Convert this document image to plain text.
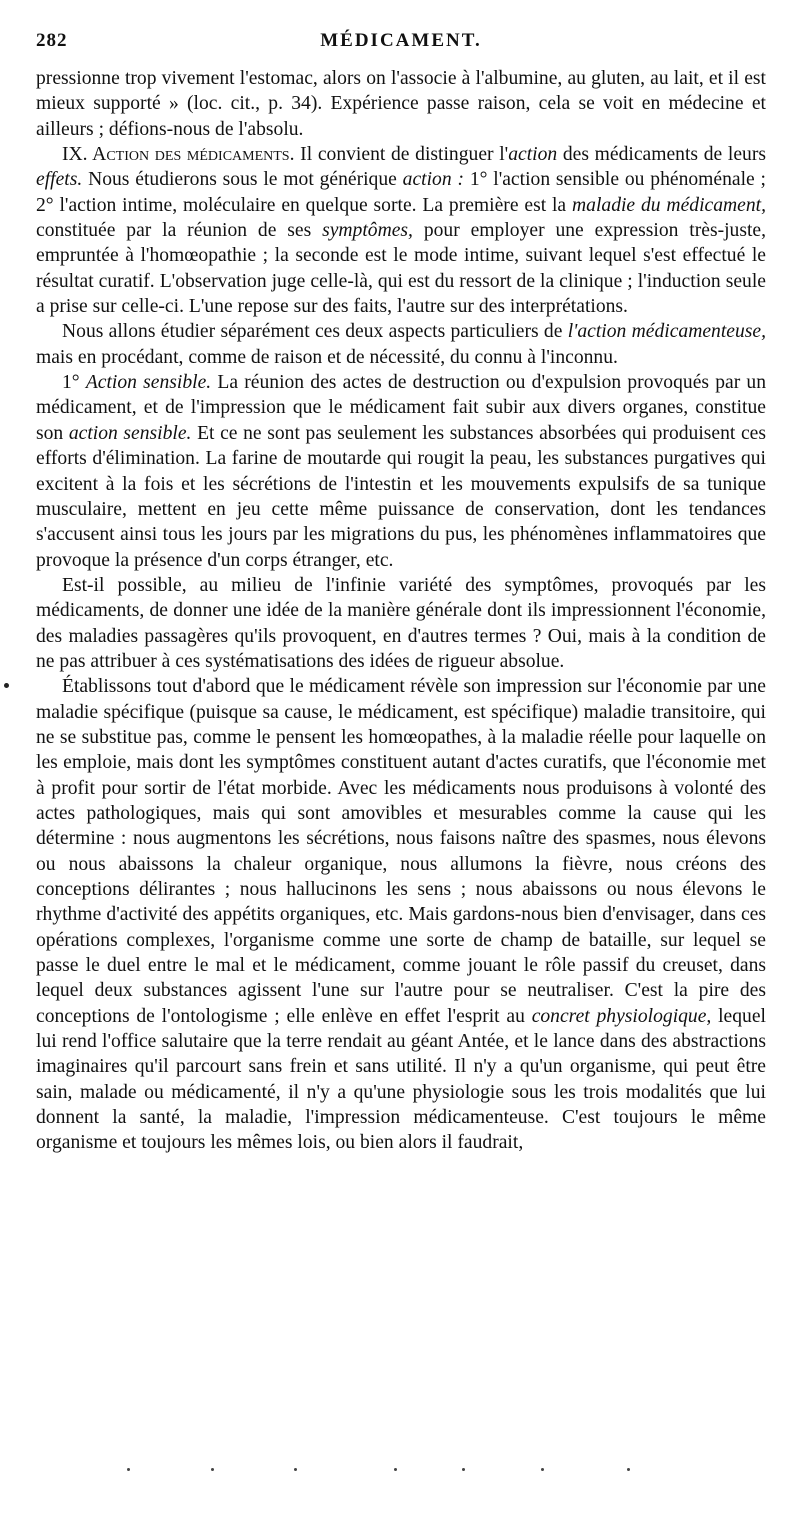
282	MÉDICAMENT.

pressionne trop vivement l'estomac, alors on l'associe à l'albumine, au gluten, au lait, et il est mieux supporté » (loc. cit., p. 34). Expérience passe raison, cela se voit en médecine et ailleurs ; défions-nous de l'absolu.

IX. Action des médicaments. Il convient de distinguer l'action des médicaments de leurs effets. Nous étudierons sous le mot générique action : 1° l'action sensible ou phénoménale ; 2° l'action intime, moléculaire en quelque sorte. La première est la maladie du médicament, constituée par la réunion de ses symptômes, pour employer une expression très-juste, empruntée à l'homœopathie ; la seconde est le mode intime, suivant lequel s'est effectué le résultat curatif. L'observation juge celle-là, qui est du ressort de la clinique ; l'induction seule a prise sur celle-ci. L'une repose sur des faits, l'autre sur des interprétations.

Nous allons étudier séparément ces deux aspects particuliers de l'action médicamenteuse, mais en procédant, comme de raison et de nécessité, du connu à l'inconnu.

1° Action sensible. La réunion des actes de destruction ou d'expulsion provoqués par un médicament, et de l'impression que le médicament fait subir aux divers organes, constitue son action sensible. Et ce ne sont pas seulement les substances absorbées qui produisent ces efforts d'élimination. La farine de moutarde qui rougit la peau, les substances purgatives qui excitent à la fois et les sécrétions de l'intestin et les mouvements expulsifs de sa tunique musculaire, mettent en jeu cette même puissance de conservation, dont les tendances s'accusent ainsi tous les jours par les migrations du pus, les phénomènes inflammatoires que provoque la présence d'un corps étranger, etc.

Est-il possible, au milieu de l'infinie variété des symptômes, provoqués par les médicaments, de donner une idée de la manière générale dont ils impressionnent l'économie, des maladies passagères qu'ils provoquent, en d'autres termes ? Oui, mais à la condition de ne pas attribuer à ces systématisations des idées de rigueur absolue.

Établissons tout d'abord que le médicament révèle son impression sur l'économie par une maladie spécifique (puisque sa cause, le médicament, est spécifique) maladie transitoire, qui ne se substitue pas, comme le pensent les homœopathes, à la maladie réelle pour laquelle on les emploie, mais dont les symptômes constituent autant d'actes curatifs, que l'économie met à profit pour sortir de l'état morbide. Avec les médicaments nous produisons à volonté des actes pathologiques, mais qui sont amovibles et mesurables comme la cause qui les détermine : nous augmentons les sécrétions, nous faisons naître des spasmes, nous élevons ou nous abaissons la chaleur organique, nous allumons la fièvre, nous créons des conceptions délirantes ; nous hallucinons les sens ; nous abaissons ou nous élevons le rhythme d'activité des appétits organiques, etc. Mais gardons-nous bien d'envisager, dans ces opérations complexes, l'organisme comme une sorte de champ de bataille, sur lequel se passe le duel entre le mal et le médicament, comme jouant le rôle passif du creuset, dans lequel deux substances agissent l'une sur l'autre pour se neutraliser. C'est la pire des conceptions de l'ontologisme ; elle enlève en effet l'esprit au concret physiologique, lequel lui rend l'office salutaire que la terre rendait au géant Antée, et le lance dans des abstractions imaginaires qu'il parcourt sans frein et sans utilité. Il n'y a qu'un organisme, qui peut être sain, malade ou médicamenté, il n'y a qu'une physiologie sous les trois modalités que lui donnent la santé, la maladie, l'impression médicamenteuse. C'est toujours le même organisme et toujours les mêmes lois, ou bien alors il faudrait,
